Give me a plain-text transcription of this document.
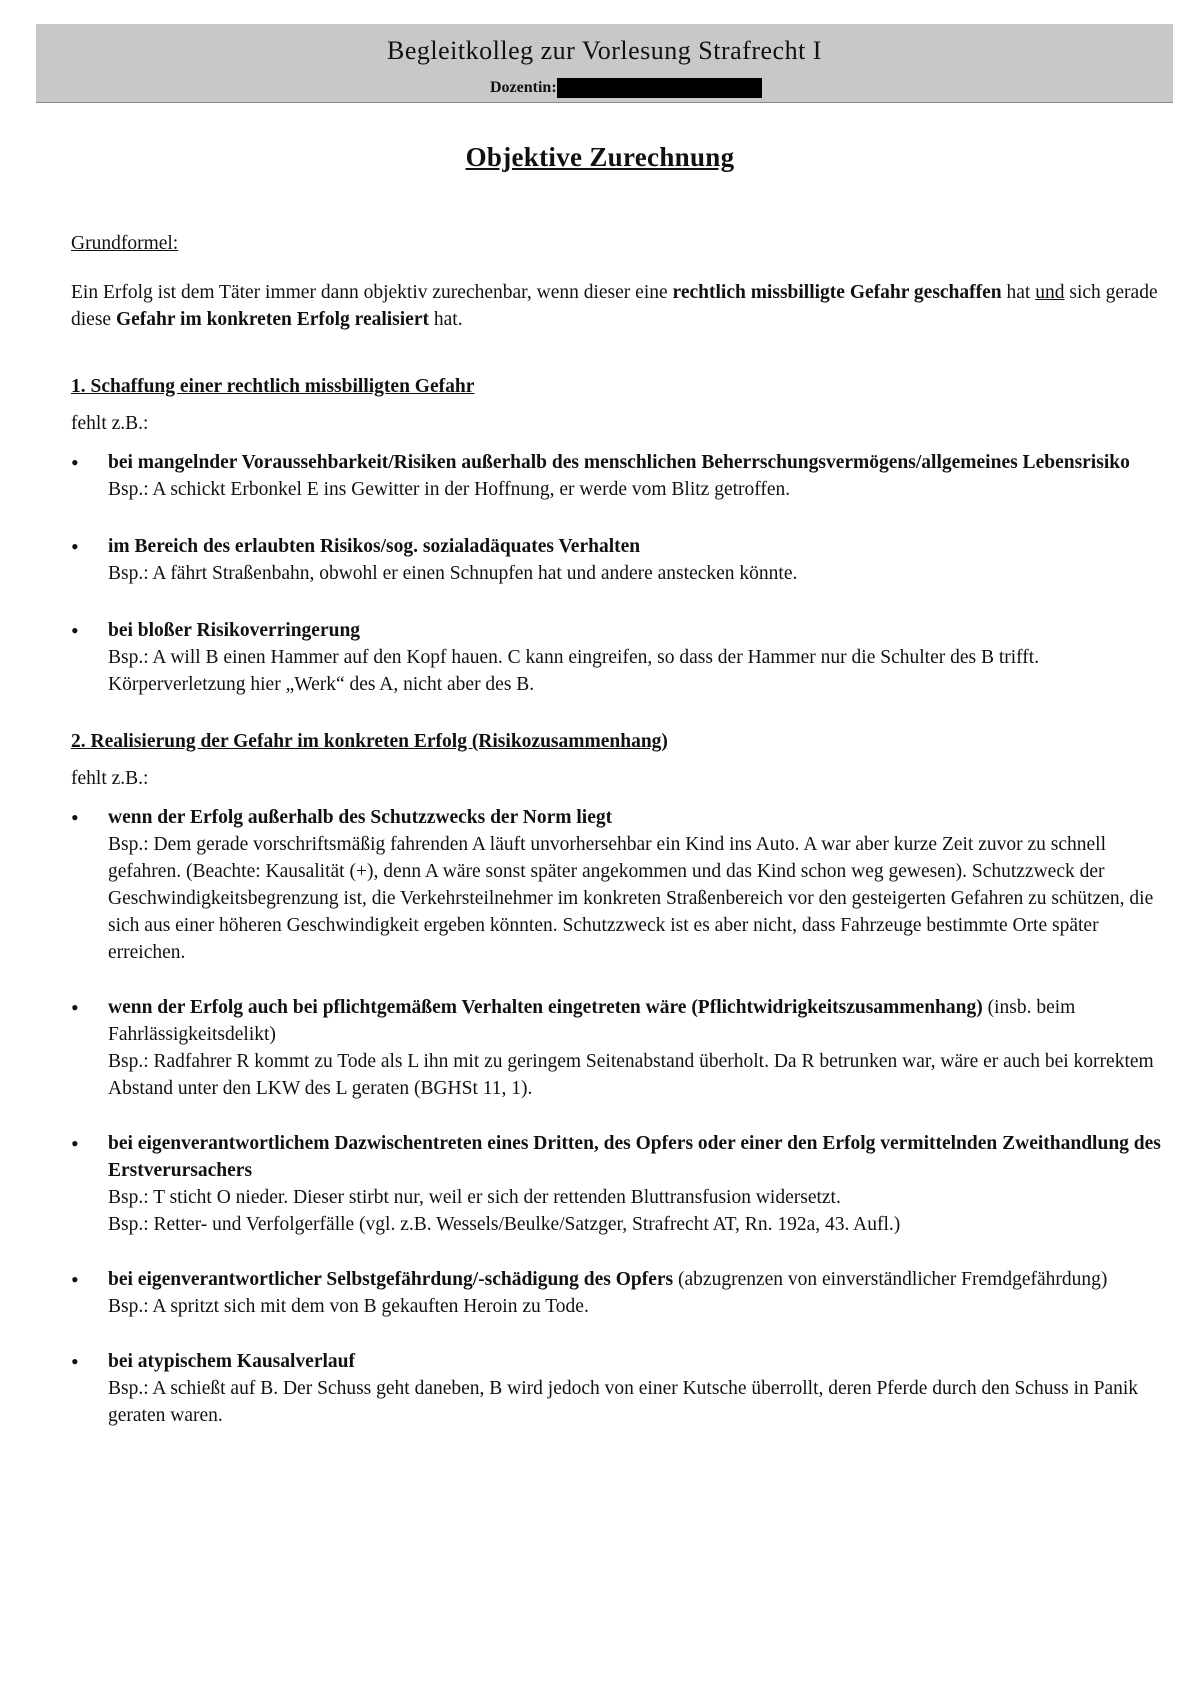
Begleitkolleg zur Vorlesung Strafrecht I
Dozentin:
Objektive Zurechnung

Grundformel:

Ein Erfolg ist dem Täter immer dann objektiv zurechenbar, wenn dieser eine rechtlich missbilligte Gefahr geschaffen hat und sich gerade diese Gefahr im konkreten Erfolg realisiert hat.

1. Schaffung einer rechtlich missbilligten Gefahr

fehlt z.B.:

• bei mangelnder Voraussehbarkeit/Risiken außerhalb des menschlichen Beherrschungsvermögens/allgemeines Lebensrisiko

Bsp.: A schickt Erbonkel E ins Gewitter in der Hoffnung, er werde vom Blitz getroffen.

• im Bereich des erlaubten Risikos/sog. sozialadäquates Verhalten

Bsp.: A fährt Straßenbahn, obwohl er einen Schnupfen hat und andere anstecken könnte.

• bei bloßer Risikoverringerung

Bsp.: A will B einen Hammer auf den Kopf hauen. C kann eingreifen, so dass der Hammer nur die Schulter des B trifft. Körperverletzung hier „Werk“ des A, nicht aber des B.

2. Realisierung der Gefahr im konkreten Erfolg (Risikozusammenhang)

fehlt z.B.:

• wenn der Erfolg außerhalb des Schutzzwecks der Norm liegt

Bsp.: Dem gerade vorschriftsmäßig fahrenden A läuft unvorhersehbar ein Kind ins Auto. A war aber kurze Zeit zuvor zu schnell gefahren. (Beachte: Kausalität (+), denn A wäre sonst später angekommen und das Kind schon weg gewesen). Schutzzweck der Geschwindigkeitsbegrenzung ist, die Verkehrsteilnehmer im konkreten Straßenbereich vor den gesteigerten Gefahren zu schützen, die sich aus einer höheren Geschwindigkeit ergeben könnten. Schutzzweck ist es aber nicht, dass Fahrzeuge bestimmte Orte später erreichen.

• wenn der Erfolg auch bei pflichtgemäßem Verhalten eingetreten wäre (Pflichtwidrigkeitszusammenhang) (insb. beim Fahrlässigkeitsdelikt)

Bsp.: Radfahrer R kommt zu Tode als L ihn mit zu geringem Seitenabstand überholt. Da R betrunken war, wäre er auch bei korrektem Abstand unter den LKW des L geraten (BGHSt 11, 1).

• bei eigenverantwortlichem Dazwischentreten eines Dritten, des Opfers oder einer den Erfolg vermittelnden Zweithandlung des Erstverursachers

Bsp.: T sticht O nieder. Dieser stirbt nur, weil er sich der rettenden Bluttransfusion widersetzt.

Bsp.: Retter- und Verfolgerfälle (vgl. z.B. Wessels/Beulke/Satzger, Strafrecht AT, Rn. 192a, 43. Aufl.)

• bei eigenverantwortlicher Selbstgefährdung/-schädigung des Opfers (abzugrenzen von einverständlicher Fremdgefährdung)

Bsp.: A spritzt sich mit dem von B gekauften Heroin zu Tode.

• bei atypischem Kausalverlauf

Bsp.: A schießt auf B. Der Schuss geht daneben, B wird jedoch von einer Kutsche überrollt, deren Pferde durch den Schuss in Panik geraten waren.
